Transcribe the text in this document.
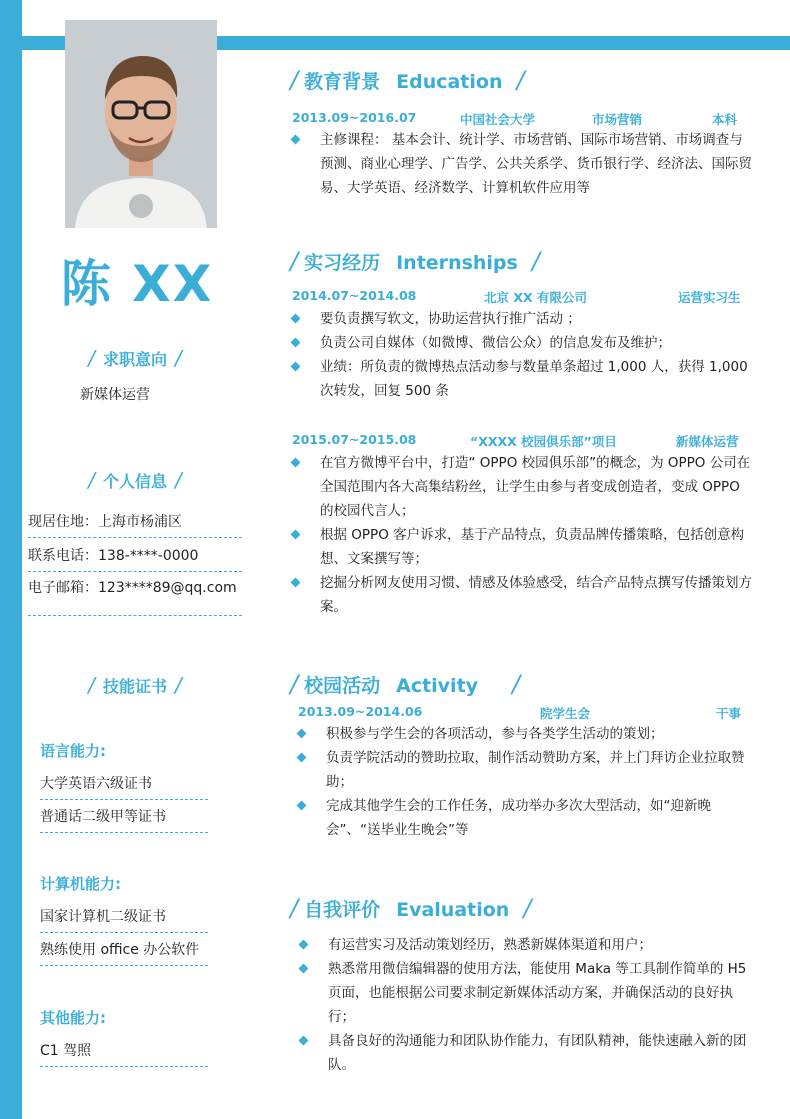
陈 XX
/ 求职意向 /
新媒体运营
/ 个人信息 /
现居住地：上海市杨浦区
联系电话：138-****-0000
电子邮箱：123****89@qq.com
/ 技能证书 /
语言能力:
大学英语六级证书
普通话二级甲等证书
计算机能力:
国家计算机二级证书
熟练使用 office 办公软件
其他能力:
C1 驾照
/ 教育背景 Education /
2013.09~2016.07	中国社会大学	市场营销	本科
主修课程： 基本会计、统计学、市场营销、国际市场营销、市场调查与预测、商业心理学、广告学、公共关系学、货币银行学、经济法、国际贸易、大学英语、经济数学、计算机软件应用等
/ 实习经历 Internships /
2014.07~2014.08	北京 XX 有限公司	运营实习生
要负责撰写软文，协助运营执行推广活动 ；
负责公司自媒体（如微博、微信公众）的信息发布及维护；
业绩：所负责的微博热点活动参与数量单条超过 1,000 人，获得 1,000 次转发，回复 500 条
2015.07~2015.08	“XXXX 校园俱乐部”项目	新媒体运营
在官方微博平台中，打造“ OPPO 校园俱乐部”的概念，为 OPPO 公司在全国范围内各大高集结粉丝，让学生由参与者变成创造者，变成 OPPO 的校园代言人；
根据 OPPO 客户诉求，基于产品特点，负责品牌传播策略，包括创意构想、文案撰写等；
挖掘分析网友使用习惯、情感及体验感受，结合产品特点撰写传播策划方案。
/ 校园活动 Activity /
2013.09~2014.06	院学生会	干事
积极参与学生会的各项活动，参与各类学生活动的策划；
负责学院活动的赞助拉取，制作活动赞助方案，并上门拜访企业拉取赞助；
完成其他学生会的工作任务，成功举办多次大型活动，如“迎新晚会”、“送毕业生晚会”等
/ 自我评价 Evaluation /
有运营实习及活动策划经历，熟悉新媒体渠道和用户；
熟悉常用微信编辑器的使用方法，能使用 Maka 等工具制作简单的 H5 页面，也能根据公司要求制定新媒体活动方案，并确保活动的良好执行；
具备良好的沟通能力和团队协作能力，有团队精神，能快速融入新的团队。
